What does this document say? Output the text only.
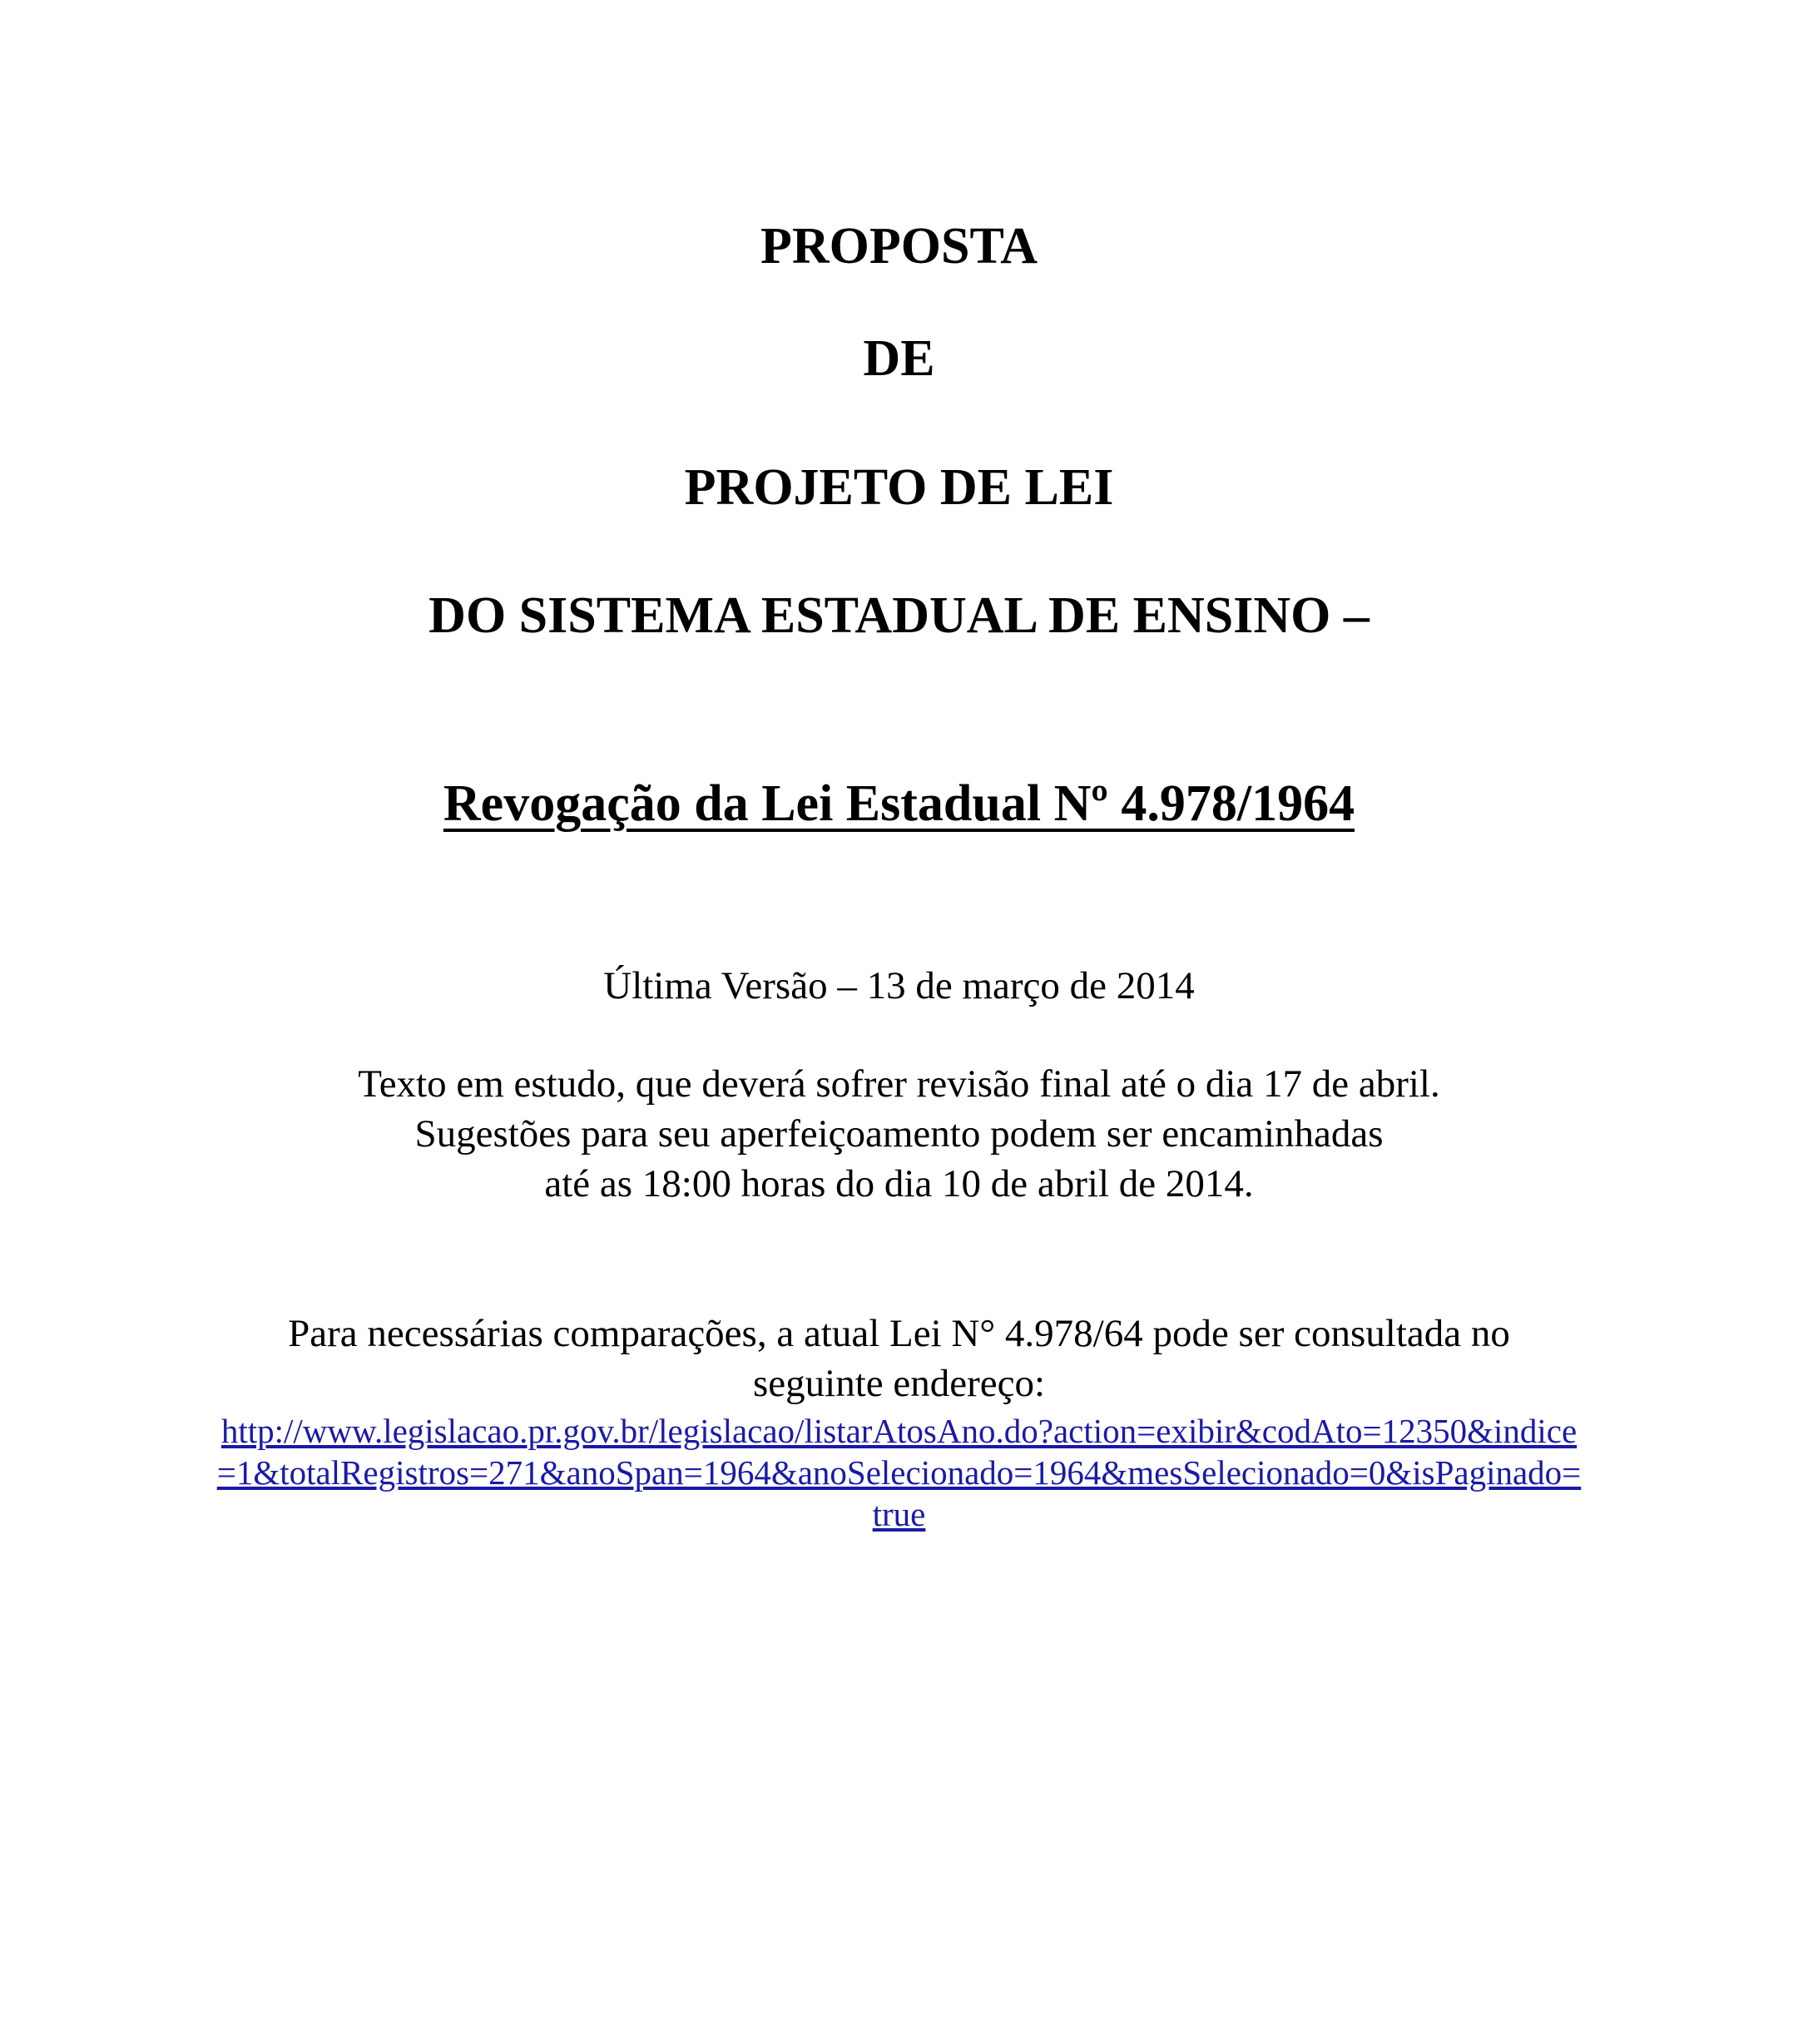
PROPOSTA
DE
PROJETO DE LEI
DO SISTEMA ESTADUAL DE ENSINO –
Revogação da Lei Estadual Nº 4.978/1964
Última Versão – 13 de março de 2014
Texto em estudo, que deverá sofrer revisão final até o dia 17 de abril.
Sugestões para seu aperfeiçoamento podem ser encaminhadas
até as 18:00 horas do dia 10 de abril de 2014.
Para necessárias comparações, a atual Lei N° 4.978/64 pode ser consultada no
seguinte endereço:
http://www.legislacao.pr.gov.br/legislacao/listarAtosAno.do?action=exibir&codAto=12350&indice
=1&totalRegistros=271&anoSpan=1964&anoSelecionado=1964&mesSelecionado=0&isPaginado=
true
